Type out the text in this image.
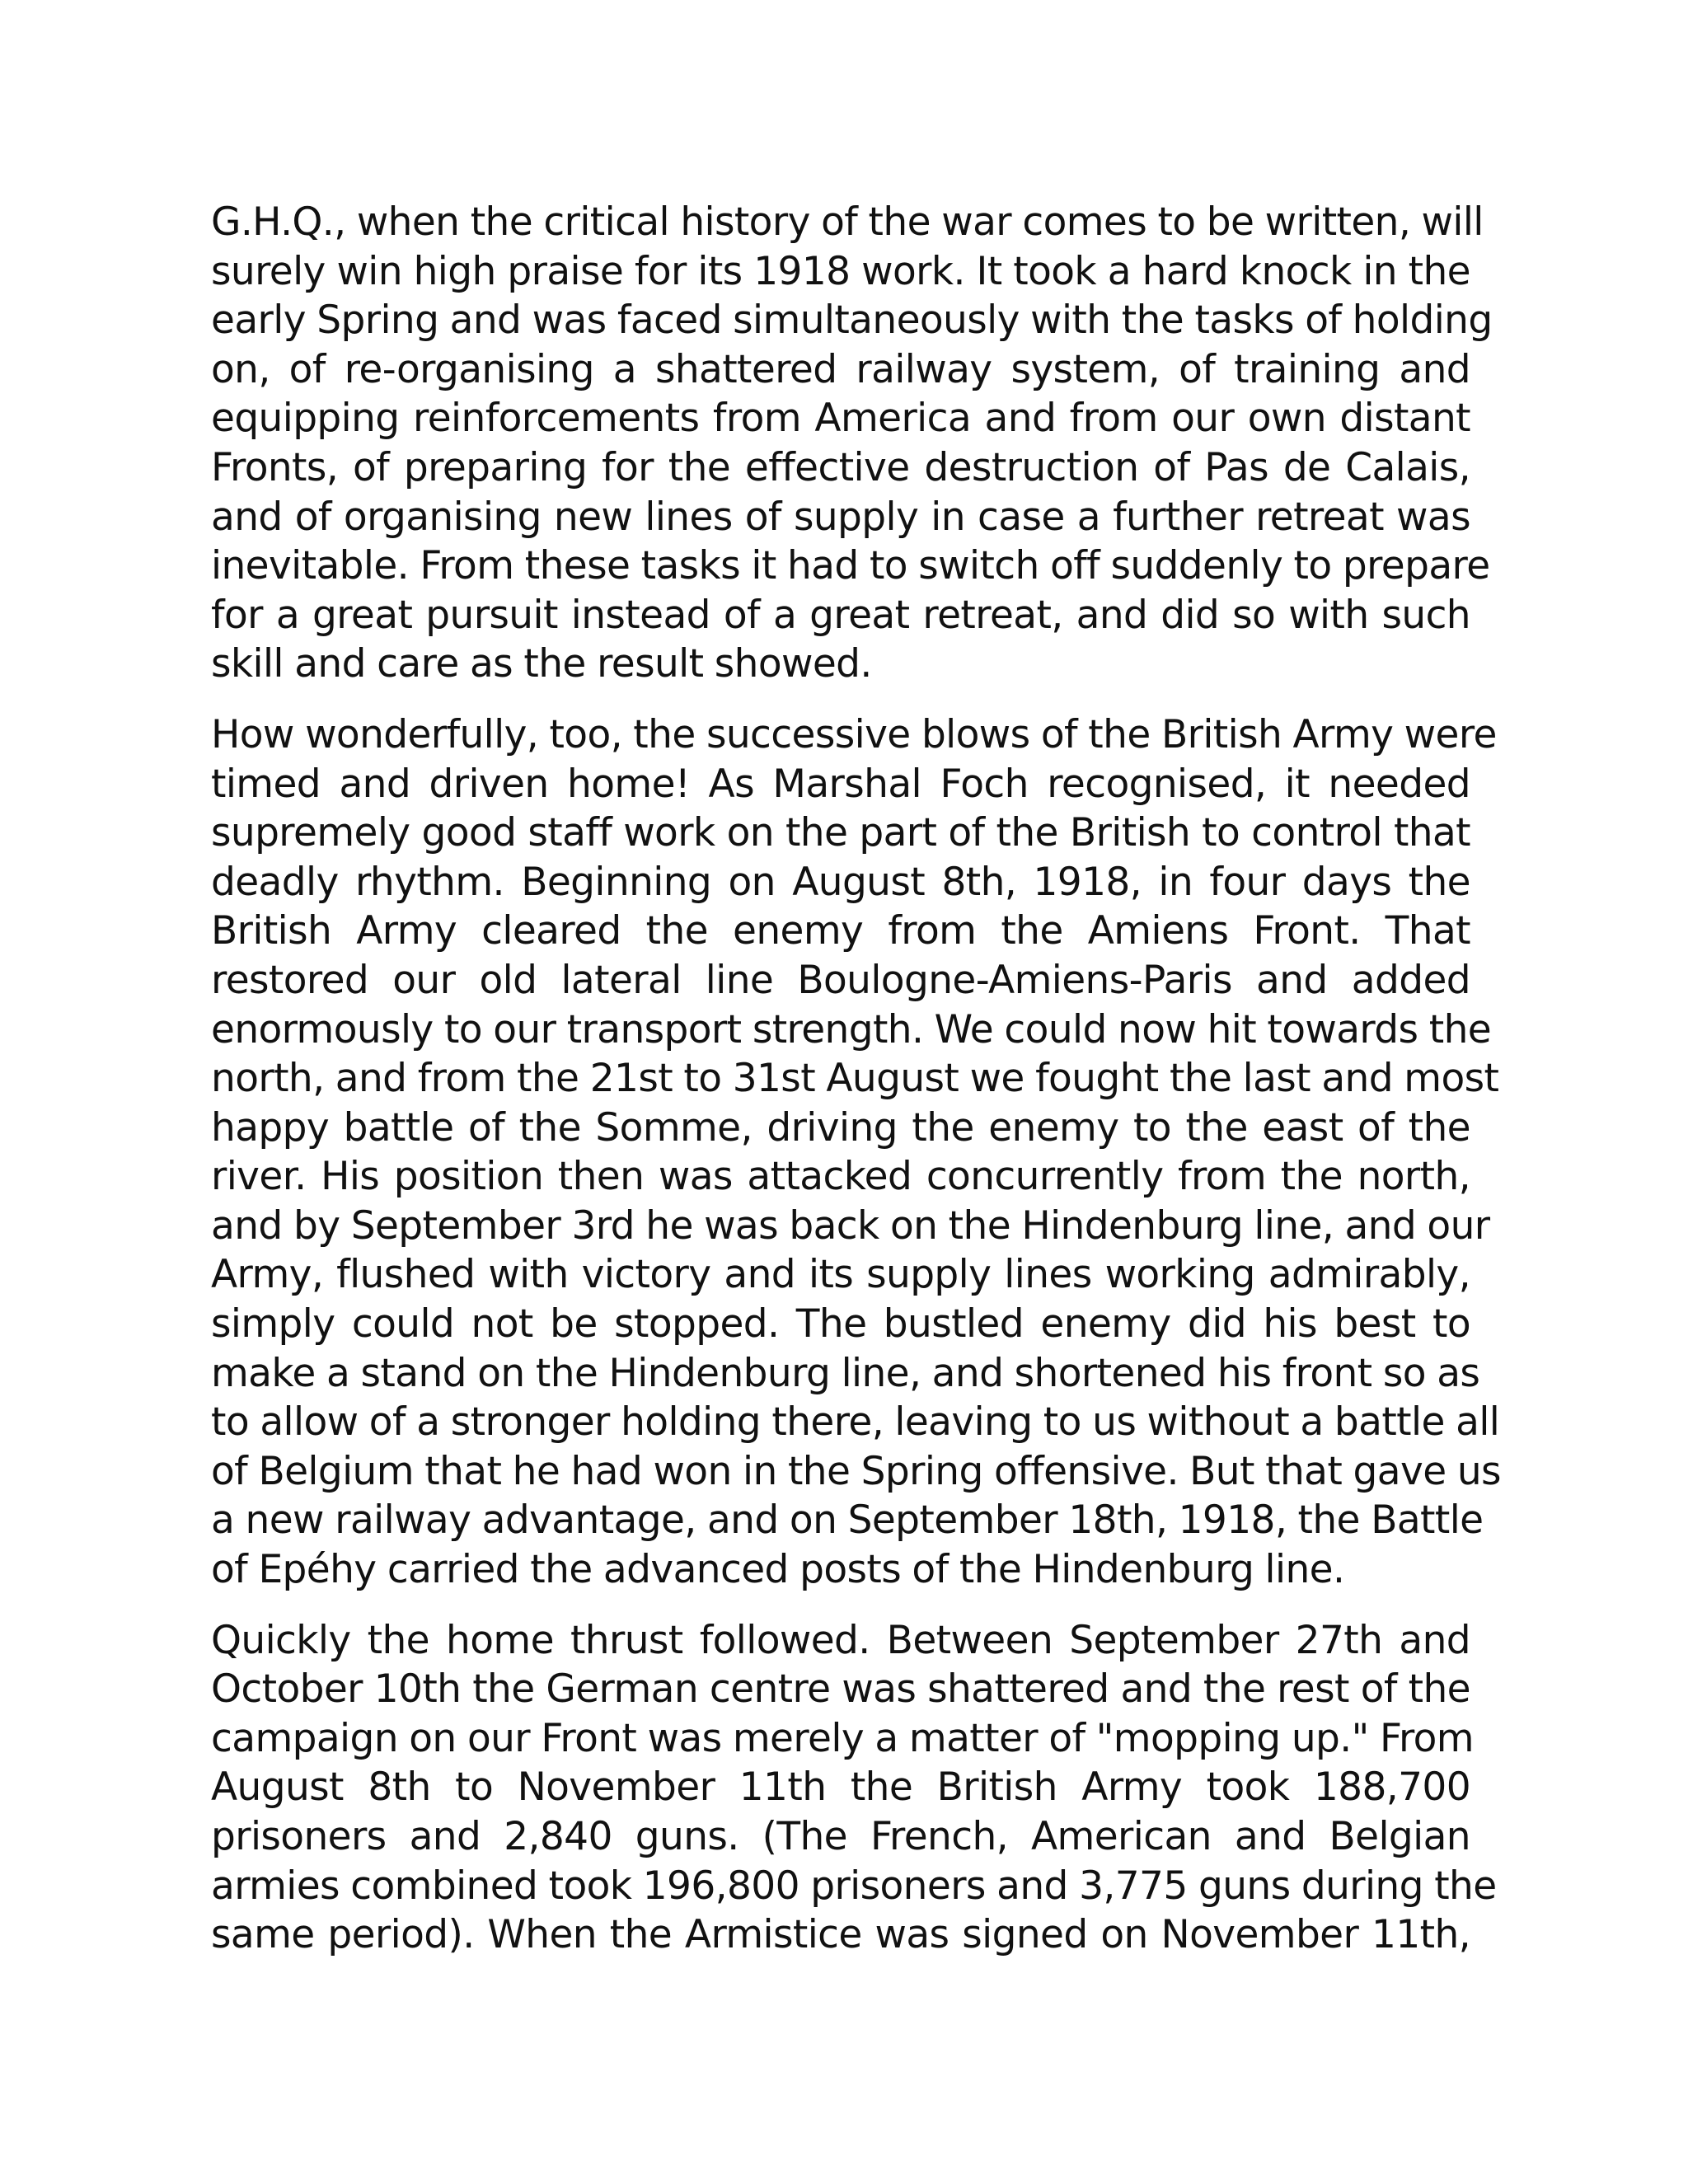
G.H.Q., when the critical history of the war comes to be written, will
surely win high praise for its 1918 work. It took a hard knock in the
early Spring and was faced simultaneously with the tasks of holding
on, of re-organising a shattered railway system, of training and
equipping reinforcements from America and from our own distant
Fronts, of preparing for the effective destruction of Pas de Calais,
and of organising new lines of supply in case a further retreat was
inevitable. From these tasks it had to switch off suddenly to prepare
for a great pursuit instead of a great retreat, and did so with such
skill and care as the result showed.
How wonderfully, too, the successive blows of the British Army were
timed and driven home! As Marshal Foch recognised, it needed
supremely good staff work on the part of the British to control that
deadly rhythm. Beginning on August 8th, 1918, in four days the
British Army cleared the enemy from the Amiens Front. That
restored our old lateral line Boulogne-Amiens-Paris and added
enormously to our transport strength. We could now hit towards the
north, and from the 21st to 31st August we fought the last and most
happy battle of the Somme, driving the enemy to the east of the
river. His position then was attacked concurrently from the north,
and by September 3rd he was back on the Hindenburg line, and our
Army, flushed with victory and its supply lines working admirably,
simply could not be stopped. The bustled enemy did his best to
make a stand on the Hindenburg line, and shortened his front so as
to allow of a stronger holding there, leaving to us without a battle all
of Belgium that he had won in the Spring offensive. But that gave us
a new railway advantage, and on September 18th, 1918, the Battle
of Epéhy carried the advanced posts of the Hindenburg line.
Quickly the home thrust followed. Between September 27th and
October 10th the German centre was shattered and the rest of the
campaign on our Front was merely a matter of "mopping up." From
August 8th to November 11th the British Army took 188,700
prisoners and 2,840 guns. (The French, American and Belgian
armies combined took 196,800 prisoners and 3,775 guns during the
same period). When the Armistice was signed on November 11th,
